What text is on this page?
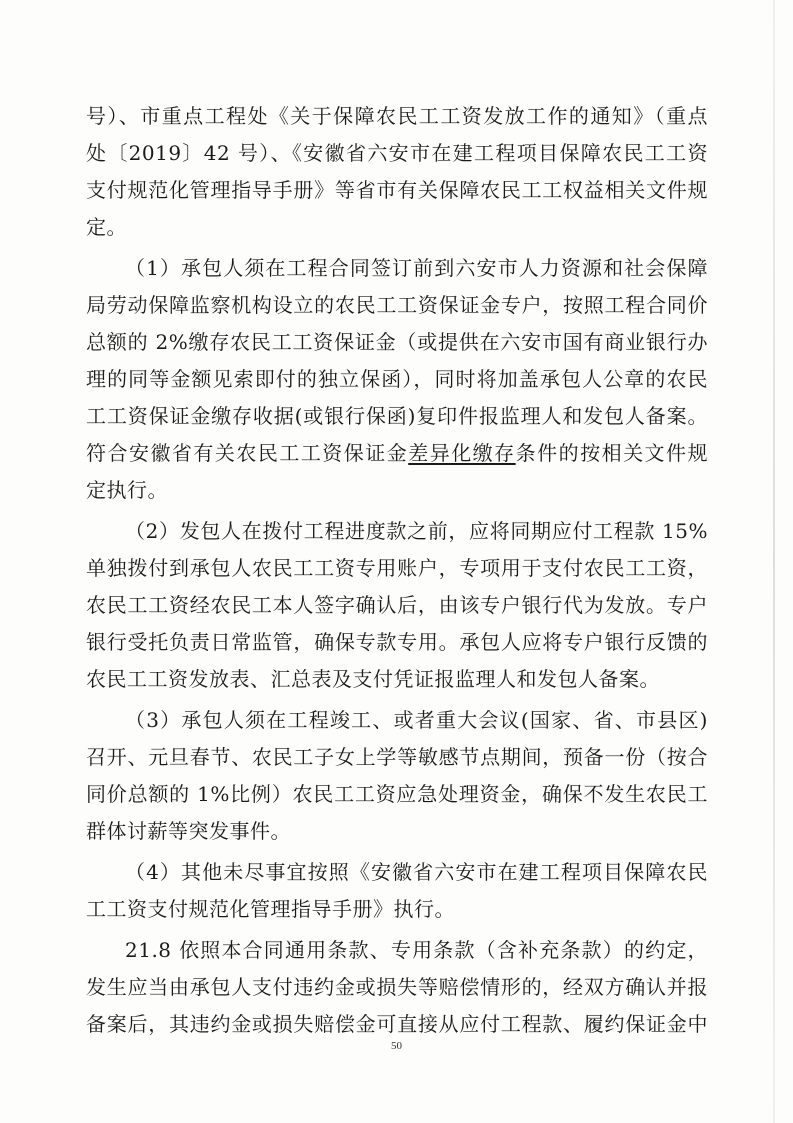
号）、市重点工程处《关于保障农民工工资发放工作的通知》（重点
处〔2019〕42 号）、《安徽省六安市在建工程项目保障农民工工资
支付规范化管理指导手册》等省市有关保障农民工工权益相关文件规
定。
（1）承包人须在工程合同签订前到六安市人力资源和社会保障
局劳动保障监察机构设立的农民工工资保证金专户，按照工程合同价
总额的 2%缴存农民工工资保证金（或提供在六安市国有商业银行办
理的同等金额见索即付的独立保函），同时将加盖承包人公章的农民
工工资保证金缴存收据(或银行保函)复印件报监理人和发包人备案。
符合安徽省有关农民工工资保证金差异化缴存条件的按相关文件规
定执行。
（2）发包人在拨付工程进度款之前，应将同期应付工程款 15%
单独拨付到承包人农民工工资专用账户，专项用于支付农民工工资，
农民工工资经农民工本人签字确认后，由该专户银行代为发放。专户
银行受托负责日常监管，确保专款专用。承包人应将专户银行反馈的
农民工工资发放表、汇总表及支付凭证报监理人和发包人备案。
（3）承包人须在工程竣工、或者重大会议(国家、省、市县区)
召开、元旦春节、农民工子女上学等敏感节点期间，预备一份（按合
同价总额的 1%比例）农民工工资应急处理资金，确保不发生农民工
群体讨薪等突发事件。
（4）其他未尽事宜按照《安徽省六安市在建工程项目保障农民
工工资支付规范化管理指导手册》执行。
21.8 依照本合同通用条款、专用条款（含补充条款）的约定，
发生应当由承包人支付违约金或损失等赔偿情形的，经双方确认并报
备案后，其违约金或损失赔偿金可直接从应付工程款、履约保证金中
50
